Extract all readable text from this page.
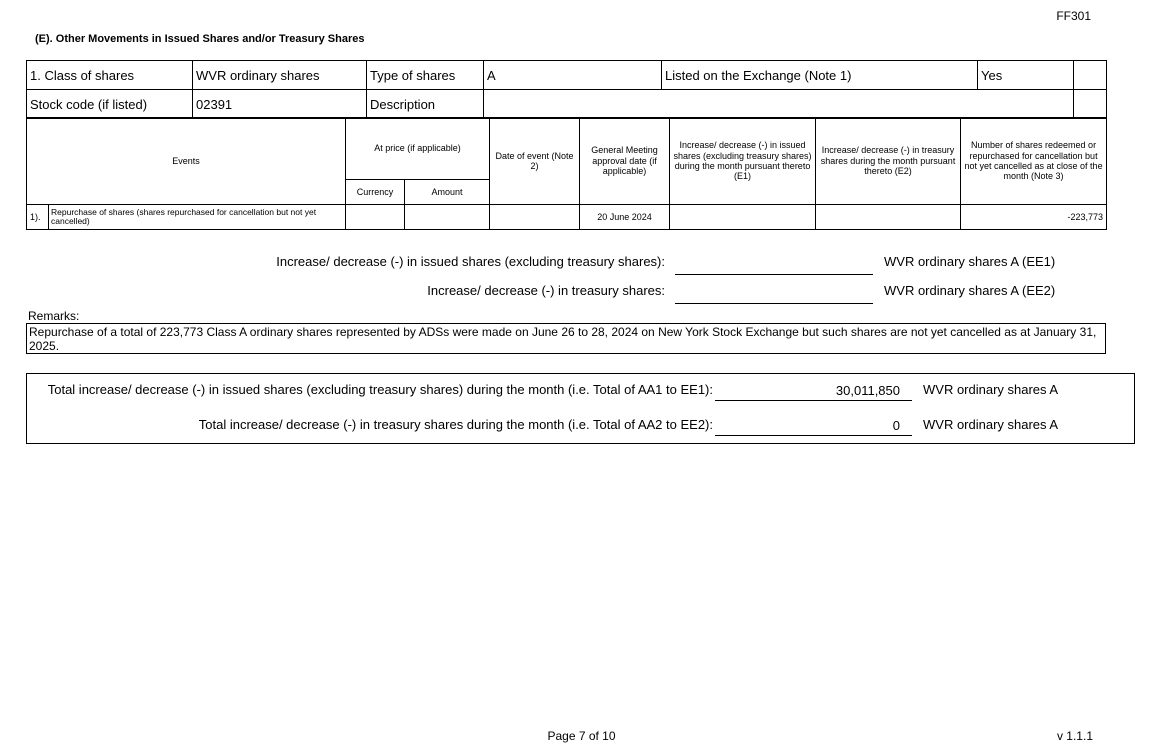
FF301
(E). Other Movements in Issued Shares and/or Treasury Shares
1. Class of shares	WVR ordinary shares	Type of shares	A	Listed on the Exchange (Note 1)	Yes	
Stock code (if listed)	02391	Description				
Events		At price (if applicable)		Date of event (Note 2)	General Meeting approval date (if applicable)	Increase/ decrease (-) in issued shares (excluding treasury shares) during the month pursuant thereto (E1)	Increase/ decrease (-) in treasury shares during the month pursuant thereto (E2)	Number of shares redeemed or repurchased for cancellation but not yet cancelled as at close of the month (Note 3)
		Currency	Amount					
1).	Repurchase of shares (shares repurchased for cancellation but not yet cancelled)				20 June 2024			-223,773
Increase/ decrease (-) in issued shares (excluding treasury shares):	WVR ordinary shares A (EE1)
Increase/ decrease (-) in treasury shares:	WVR ordinary shares A (EE2)
Remarks:
Repurchase of a total of 223,773 Class A ordinary shares represented by ADSs were made on June 26 to 28, 2024 on New York Stock Exchange but such shares are not yet cancelled as at January 31, 2025.
Total increase/ decrease (-) in issued shares (excluding treasury shares) during the month (i.e. Total of AA1 to EE1):	30,011,850	WVR ordinary shares A
Total increase/ decrease (-) in treasury shares during the month (i.e. Total of AA2 to EE2):	0	WVR ordinary shares A
Page 7 of 10	v 1.1.1
